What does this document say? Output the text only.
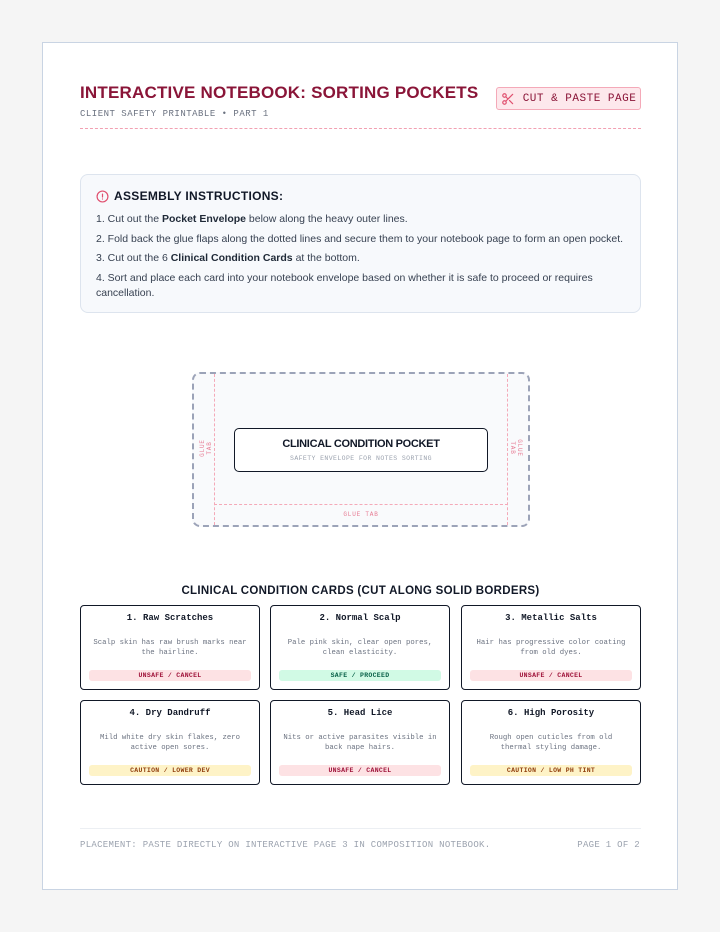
INTERACTIVE NOTEBOOK: SORTING POCKETS
CLIENT SAFETY PRINTABLE • PART 1
CUT & PASTE PAGE
ASSEMBLY INSTRUCTIONS:
1. Cut out the Pocket Envelope below along the heavy outer lines.
2. Fold back the glue flaps along the dotted lines and secure them to your notebook page to form an open pocket.
3. Cut out the 6 Clinical Condition Cards at the bottom.
4. Sort and place each card into your notebook envelope based on whether it is safe to proceed or requires cancellation.
GLUE TAB	GLUE TAB
GLUE TAB
CLINICAL CONDITION POCKET
SAFETY ENVELOPE FOR NOTES SORTING
CLINICAL CONDITION CARDS (CUT ALONG SOLID BORDERS)
1. Raw Scratches
Scalp skin has raw brush marks near the hairline.
UNSAFE / CANCEL
2. Normal Scalp
Pale pink skin, clear open pores, clean elasticity.
SAFE / PROCEED
3. Metallic Salts
Hair has progressive color coating from old dyes.
UNSAFE / CANCEL
4. Dry Dandruff
Mild white dry skin flakes, zero active open sores.
CAUTION / LOWER DEV
5. Head Lice
Nits or active parasites visible in back nape hairs.
UNSAFE / CANCEL
6. High Porosity
Rough open cuticles from old thermal styling damage.
CAUTION / LOW PH TINT
PLACEMENT: PASTE DIRECTLY ON INTERACTIVE PAGE 3 IN COMPOSITION NOTEBOOK.	PAGE 1 OF 2
